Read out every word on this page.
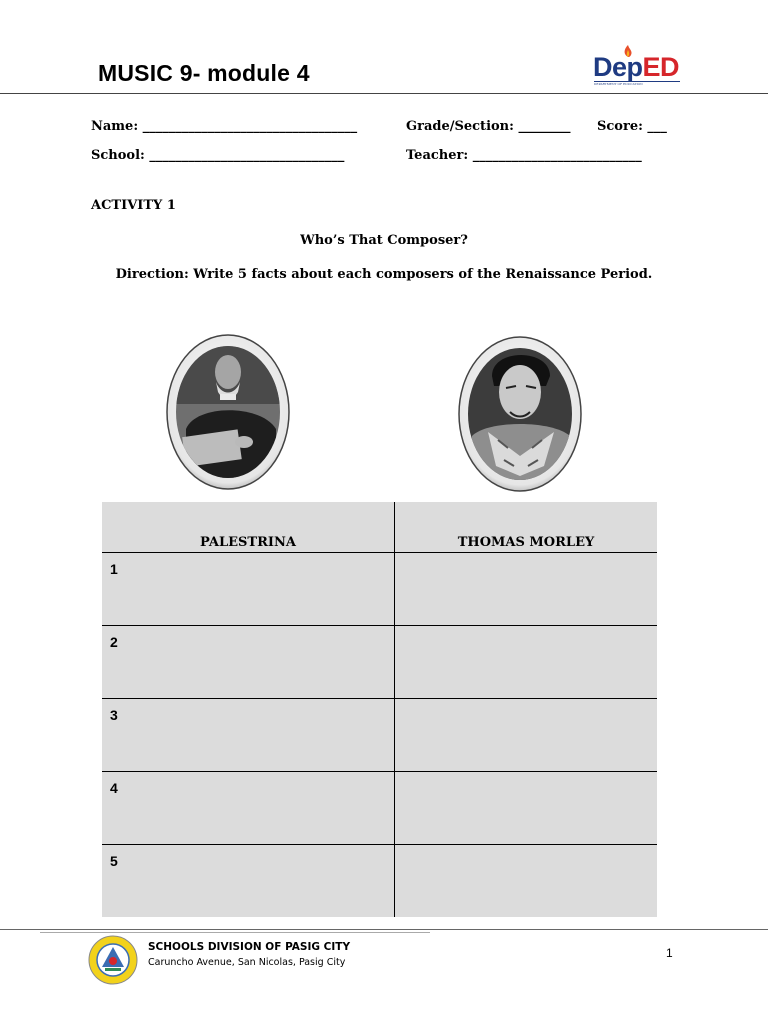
MUSIC 9- module 4	DepED
DEPARTMENT OF EDUCATION
Name: _________________________________	Grade/Section: ________ Score: ___
School: ______________________________	Teacher: __________________________
ACTIVITY 1
Who’s That Composer?
Direction: Write 5 facts about each composers of the Renaissance Period.
PALESTRINA	THOMAS MORLEY
1	
2	
3	
4	
5	
SCHOOLS DIVISION OF PASIG CITY
Caruncho Avenue, San Nicolas, Pasig City
1
